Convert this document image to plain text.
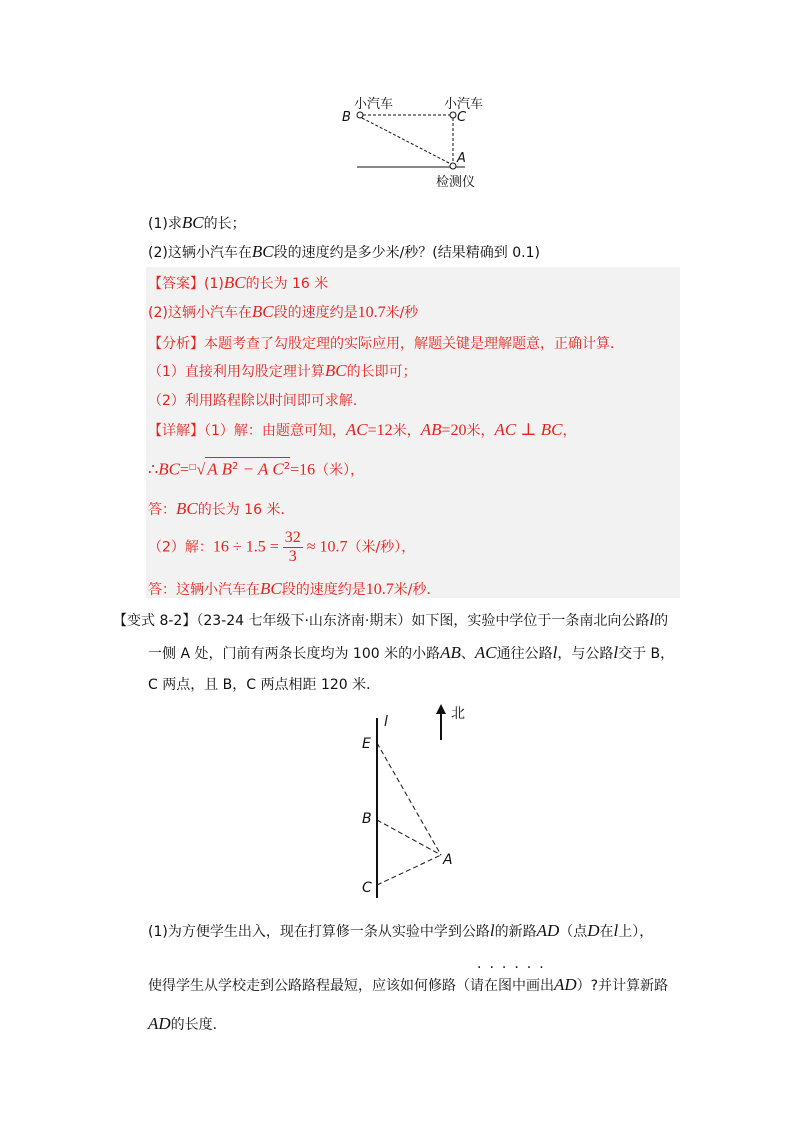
小汽车	小汽车
B	C
A
检测仪
(1)求BC的长；
(2)这辆小汽车在BC段的速度约是多少米/秒？(结果精确到 0.1)
【答案】(1)BC的长为 16 米
(2)这辆小汽车在BC段的速度约是10.7米/秒
【分析】本题考查了勾股定理的实际应用，解题关键是理解题意，正确计算．
（1）直接利用勾股定理计算BC的长即可；
（2）利用路程除以时间即可求解．
【详解】（1）解：由题意可知，AC=12米，AB=20米，AC ⊥ BC，
∴BC=□√ A $B^2 - A$ $C^2=16$（米），
答：BC的长为 16 米．
（2）解：$16 \div 1.5 = \frac{32}{3} \approx 10.7$（米/秒），
答：这辆小汽车在BC段的速度约是10.7米/秒．
【变式 8-2】（23-24 七年级下·山东济南·期末）如下图，实验中学位于一条南北向公路l的
一侧 A 处，门前有两条长度均为 100 米的小路AB、AC通往公路l，与公路l交于 B，
C 两点，且 B，C 两点相距 120 米．
l	北
E
B
C
A
(1)为方便学生出入，现在打算修一条从实验中学到公路l的新路AD（点D在l上），
······
使得学生从学校走到公路路程最短，应该如何修路（请在图中画出AD）?并计算新路
AD的长度．
